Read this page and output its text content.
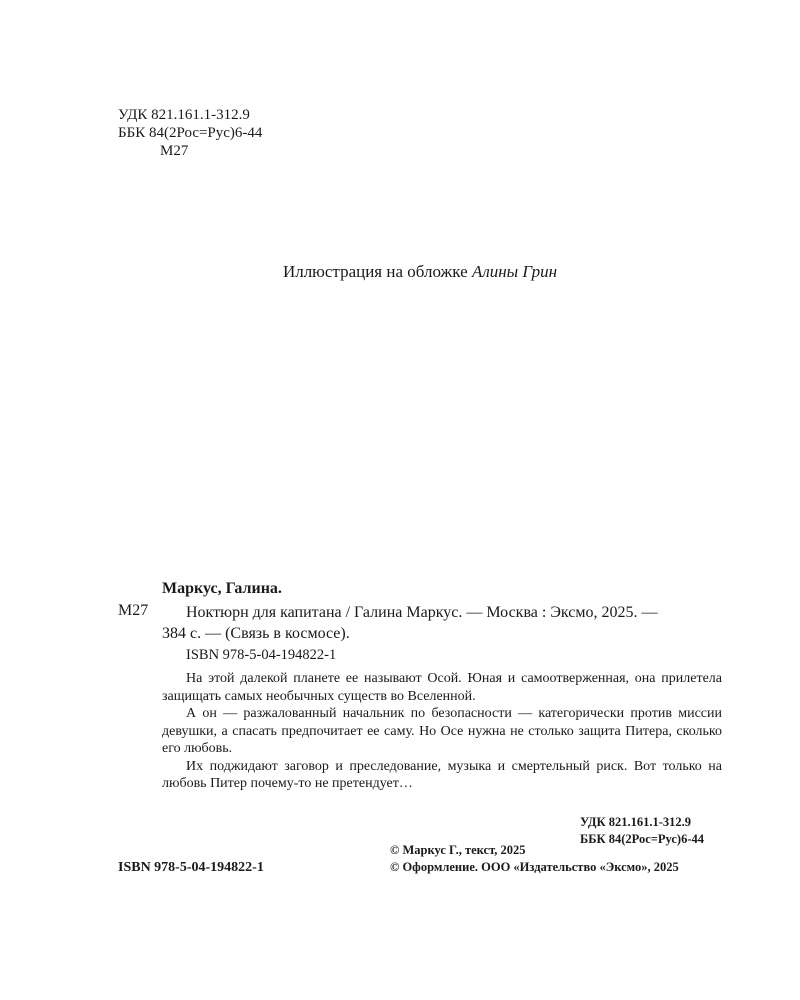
УДК 821.161.1-312.9
ББК 84(2Рос=Рус)6-44
М27
Иллюстрация на обложке Алины Грин
Маркус, Галина.
М27	Ноктюрн для капитана / Галина Маркус. — Москва : Эксмо, 2025. —
384 с. — (Связь в космосе).
ISBN 978-5-04-194822-1

На этой далекой планете ее называют Осой. Юная и самоотверженная, она прилетела защищать самых необычных существ во Вселенной.

А он — разжалованный начальник по безопасности — категорически против миссии девушки, а спасать предпочитает ее саму. Но Осе нужна не столько защита Питера, сколько его любовь.

Их поджидают заговор и преследование, музыка и смертельный риск. Вот только на любовь Питер почему-то не претендует…

УДК 821.161.1-312.9
ББК 84(2Рос=Рус)6-44
ISBN 978-5-04-194822-1
© Маркус Г., текст, 2025
© Оформление. ООО «Издательство «Эксмо», 2025
